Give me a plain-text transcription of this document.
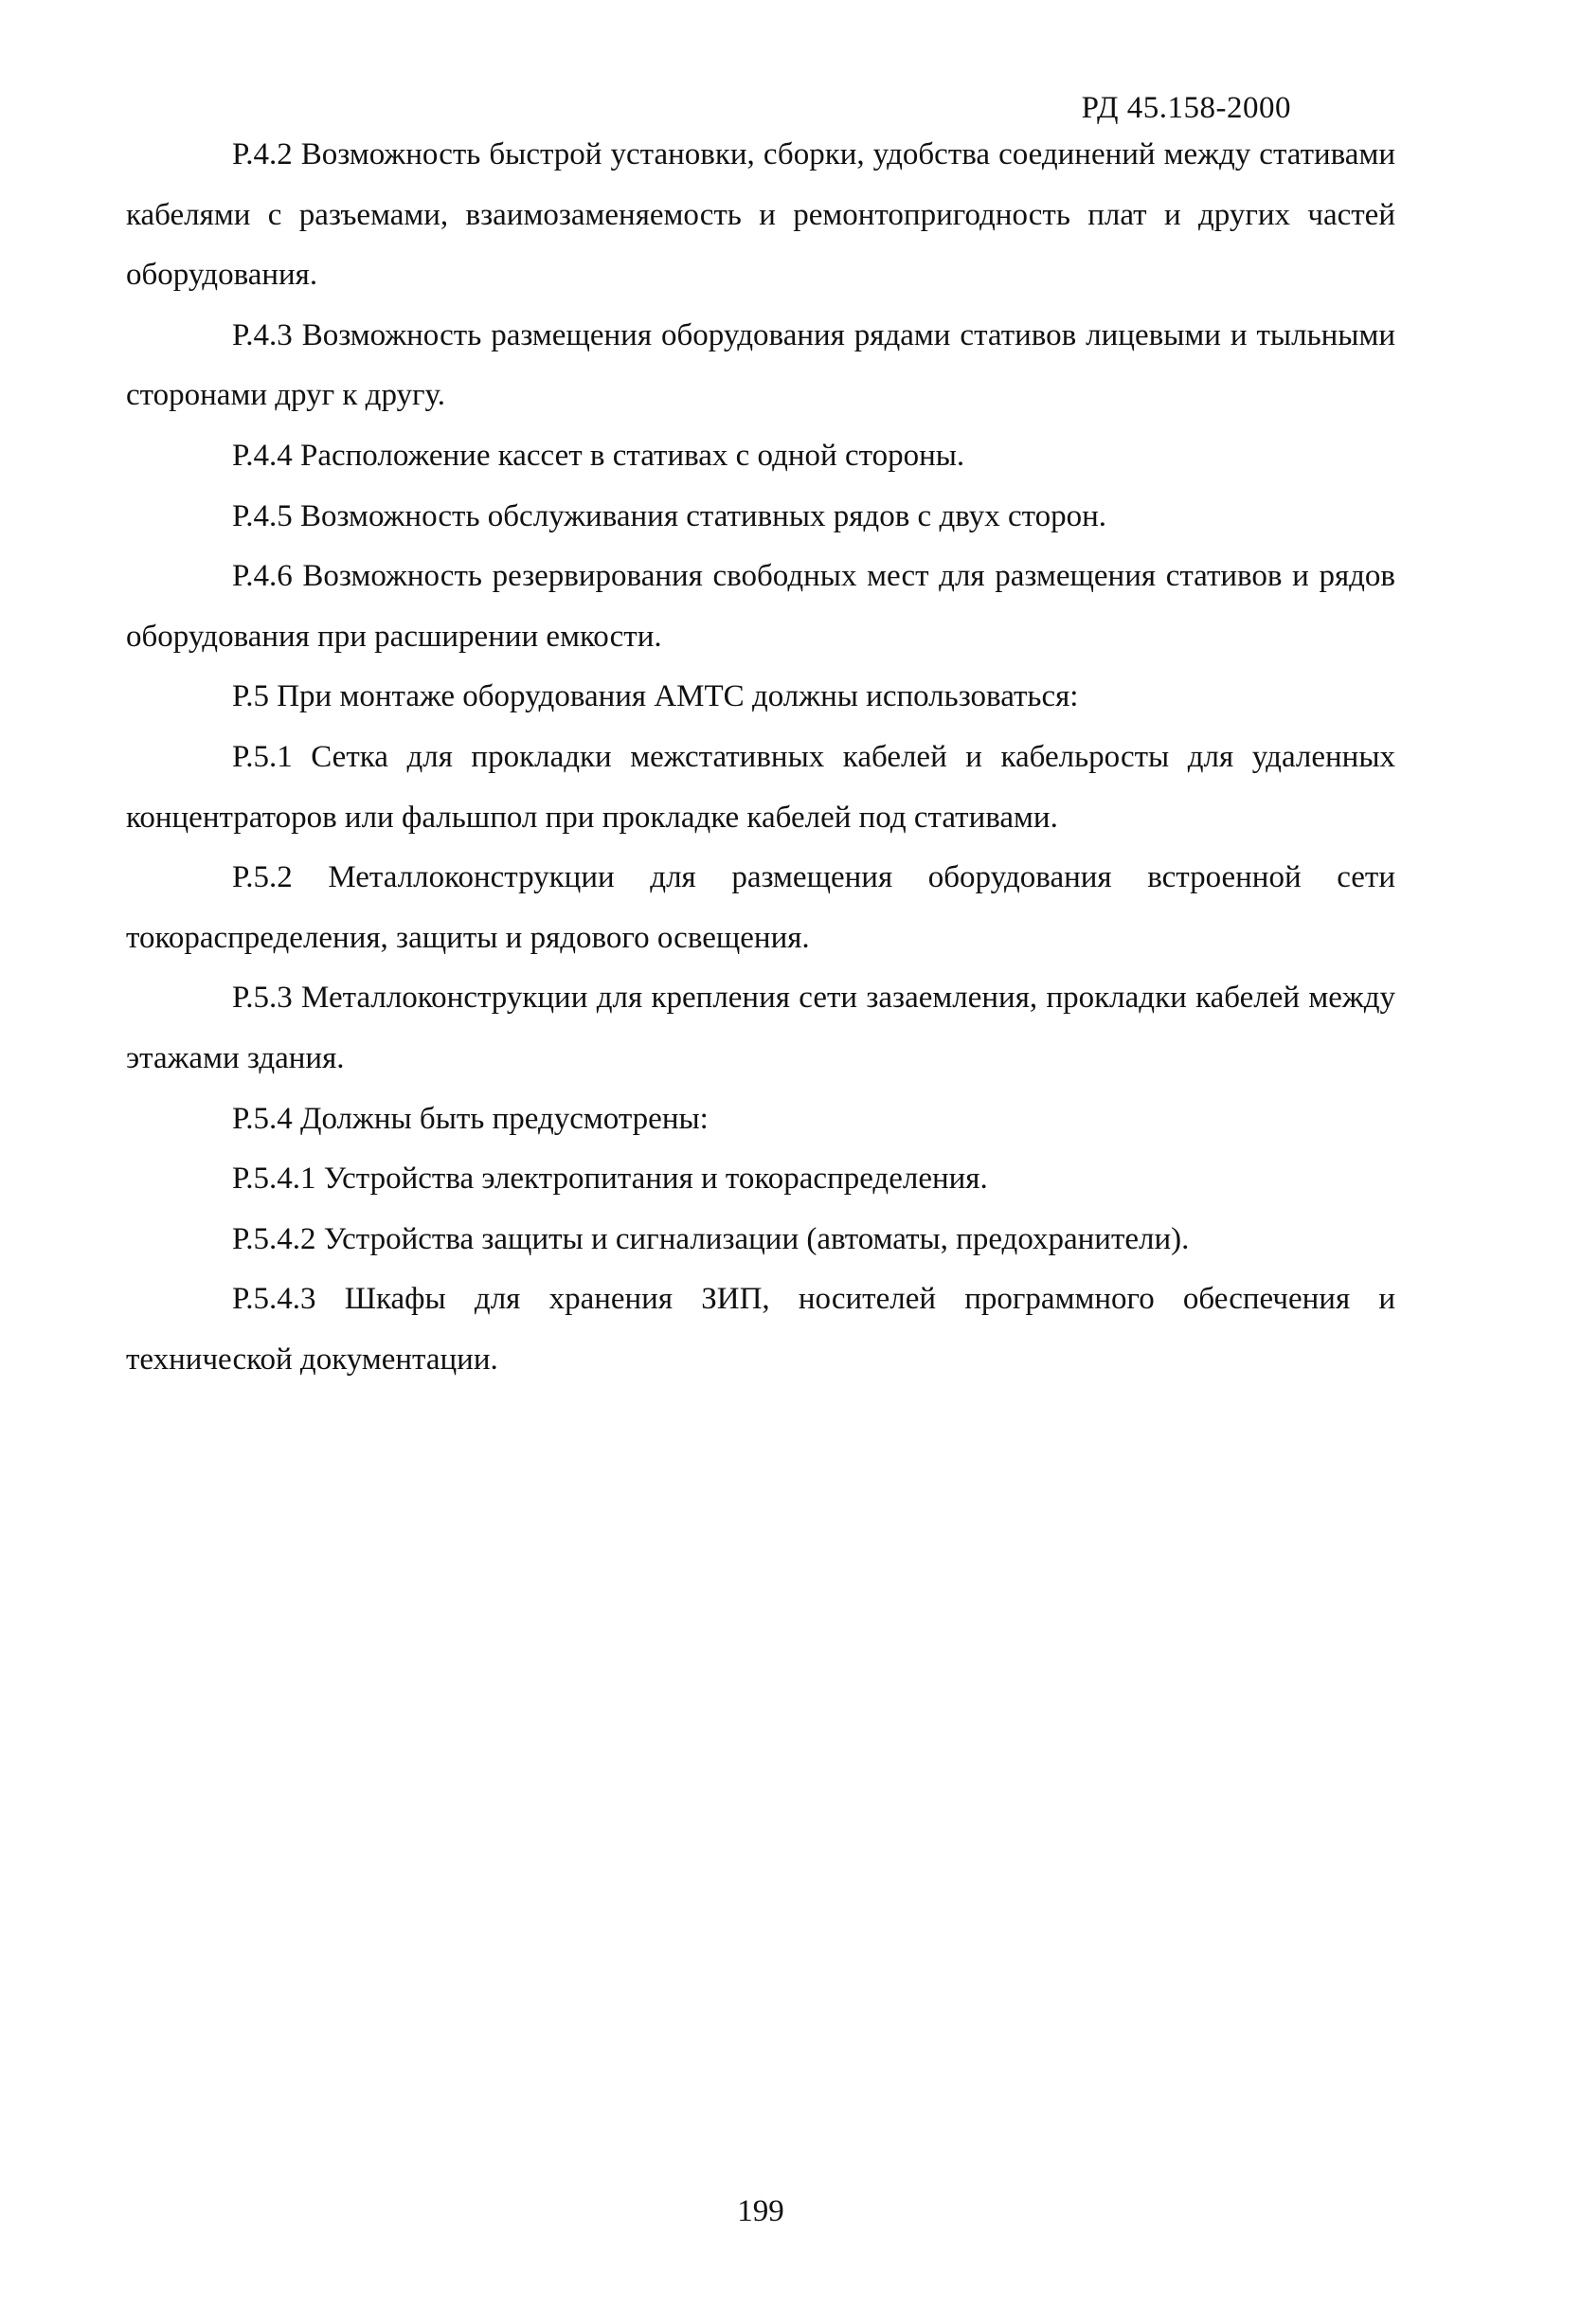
РД 45.158-2000

Р.4.2 Возможность быстрой установки, сборки, удобства соединений между стативами кабелями с разъемами, взаимозаменяемость и ремонтопригодность плат и других частей оборудования.

Р.4.3 Возможность размещения оборудования рядами стативов лицевыми и тыльными сторонами друг к другу.

Р.4.4 Расположение кассет в стативах с одной стороны.

Р.4.5 Возможность обслуживания стативных рядов с двух сторон.

Р.4.6 Возможность резервирования свободных мест для размещения стативов и рядов оборудования при расширении емкости.

Р.5 При монтаже оборудования АМТС должны использоваться:

Р.5.1 Сетка для прокладки межстативных кабелей и кабельросты для удаленных концентраторов или фальшпол при прокладке кабелей под стативами.

Р.5.2 Металлоконструкции для размещения оборудования встроенной сети токораспределения, защиты и рядового освещения.

Р.5.3 Металлоконструкции для крепления сети зазаемления, прокладки кабелей между этажами здания.

Р.5.4 Должны быть предусмотрены:

Р.5.4.1 Устройства электропитания и токораспределения.

Р.5.4.2 Устройства защиты и сигнализации (автоматы, предохранители).

Р.5.4.3 Шкафы для хранения ЗИП, носителей программного обеспечения и технической документации.

199
